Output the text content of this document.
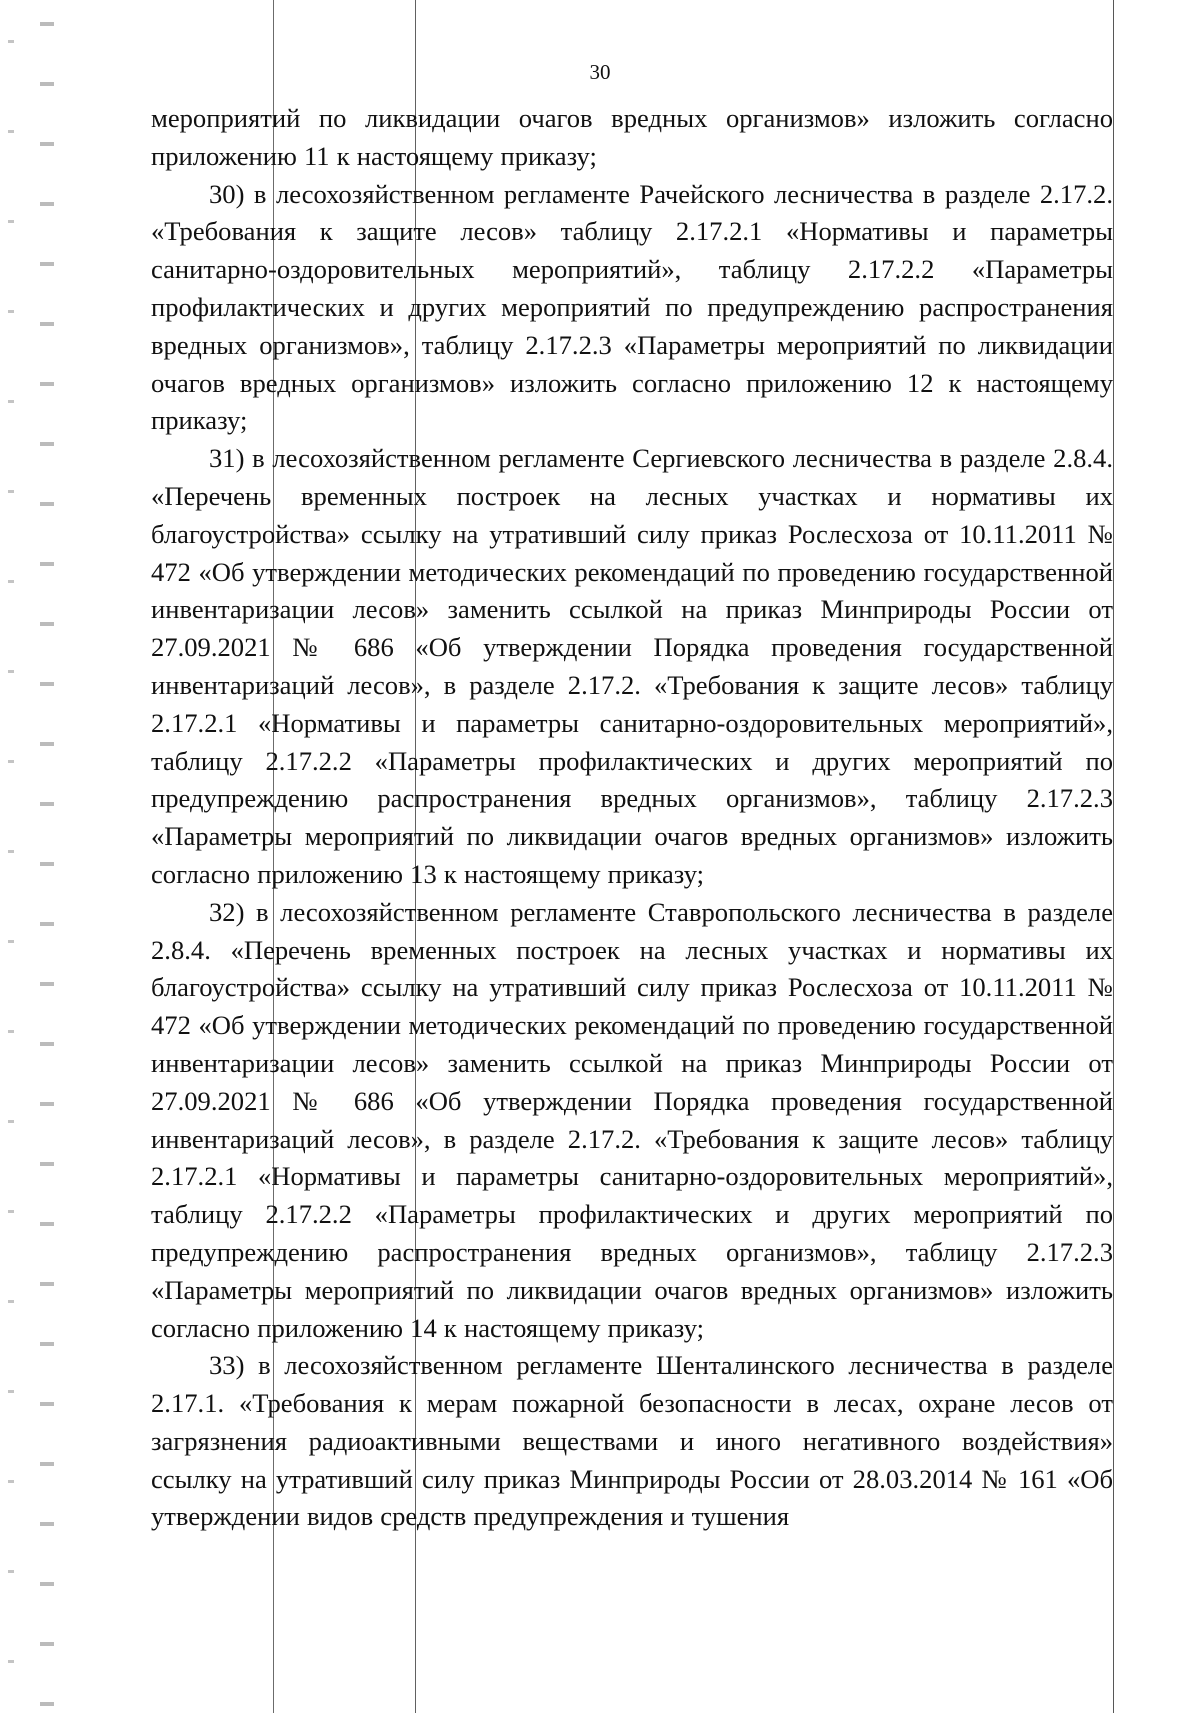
30

мероприятий по ликвидации очагов вредных организмов» изложить согласно приложению 11 к настоящему приказу;

30) в лесохозяйственном регламенте Рачейского лесничества в разделе 2.17.2. «Требования к защите лесов» таблицу 2.17.2.1 «Нормативы и параметры санитарно-оздоровительных мероприятий», таблицу 2.17.2.2 «Параметры профилактических и других мероприятий по предупреждению распространения вредных организмов», таблицу 2.17.2.3 «Параметры мероприятий по ликвидации очагов вредных организмов» изложить согласно приложению 12 к настоящему приказу;

31) в лесохозяйственном регламенте Сергиевского лесничества в разделе 2.8.4. «Перечень временных построек на лесных участках и нормативы их благоустройства» ссылку на утративший силу приказ Рослесхоза от 10.11.2011 № 472 «Об утверждении методических рекомендаций по проведению государственной инвентаризации лесов» заменить ссылкой на приказ Минприроды России от 27.09.2021 № 686 «Об утверждении Порядка проведения государственной инвентаризаций лесов», в разделе 2.17.2. «Требования к защите лесов» таблицу 2.17.2.1 «Нормативы и параметры санитарно-оздоровительных мероприятий», таблицу 2.17.2.2 «Параметры профилактических и других мероприятий по предупреждению распространения вредных организмов», таблицу 2.17.2.3 «Параметры мероприятий по ликвидации очагов вредных организмов» изложить согласно приложению 13 к настоящему приказу;

32) в лесохозяйственном регламенте Ставропольского лесничества в разделе 2.8.4. «Перечень временных построек на лесных участках и нормативы их благоустройства» ссылку на утративший силу приказ Рослесхоза от 10.11.2011 № 472 «Об утверждении методических рекомендаций по проведению государственной инвентаризации лесов» заменить ссылкой на приказ Минприроды России от 27.09.2021 № 686 «Об утверждении Порядка проведения государственной инвентаризаций лесов», в разделе 2.17.2. «Требования к защите лесов» таблицу 2.17.2.1 «Нормативы и параметры санитарно-оздоровительных мероприятий», таблицу 2.17.2.2 «Параметры профилактических и других мероприятий по предупреждению распространения вредных организмов», таблицу 2.17.2.3 «Параметры мероприятий по ликвидации очагов вредных организмов» изложить согласно приложению 14 к настоящему приказу;

33) в лесохозяйственном регламенте Шенталинского лесничества в разделе 2.17.1. «Требования к мерам пожарной безопасности в лесах, охране лесов от загрязнения радиоактивными веществами и иного негативного воздействия» ссылку на утративший силу приказ Минприроды России от 28.03.2014 № 161 «Об утверждении видов средств предупреждения и тушения
